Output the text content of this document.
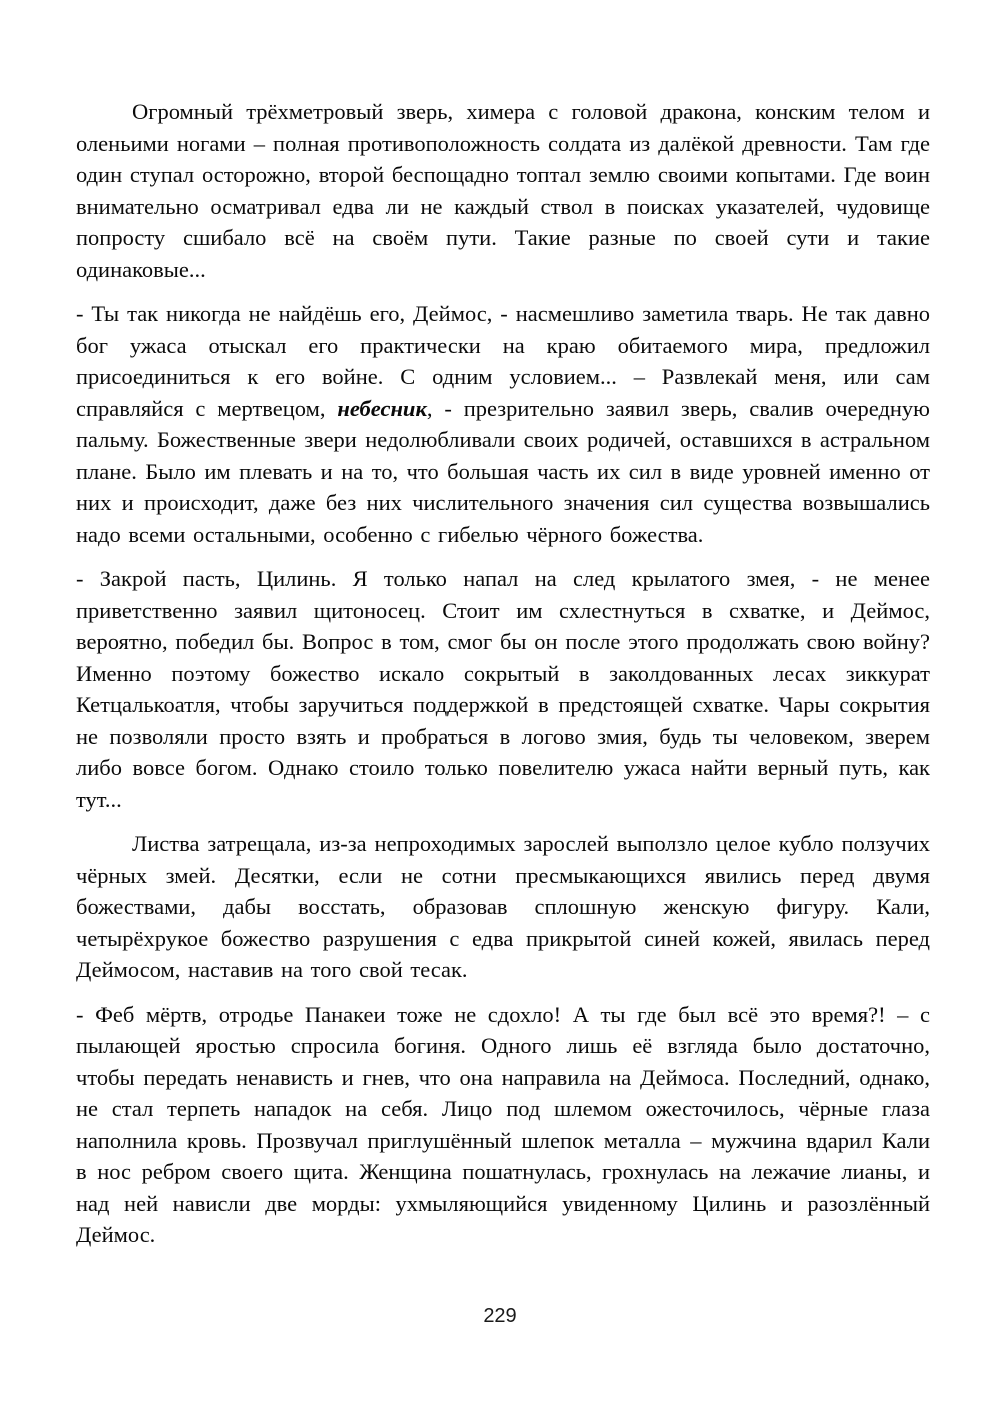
Огромный трёхметровый зверь, химера с головой дракона, конским телом и оленьими ногами – полная противоположность солдата из далёкой древности. Там где один ступал осторожно, второй беспощадно топтал землю своими копытами. Где воин внимательно осматривал едва ли не каждый ствол в поисках указателей, чудовище попросту сшибало всё на своём пути. Такие разные по своей сути и такие одинаковые...

- Ты так никогда не найдёшь его, Деймос, - насмешливо заметила тварь. Не так давно бог ужаса отыскал его практически на краю обитаемого мира, предложил присоединиться к его войне. С одним условием... – Развлекай меня, или сам справляйся с мертвецом, небесник, - презрительно заявил зверь, свалив очередную пальму. Божественные звери недолюбливали своих родичей, оставшихся в астральном плане. Было им плевать и на то, что большая часть их сил в виде уровней именно от них и происходит, даже без них числительного значения сил существа возвышались надо всеми остальными, особенно с гибелью чёрного божества.

- Закрой пасть, Цилинь. Я только напал на след крылатого змея, - не менее приветственно заявил щитоносец. Стоит им схлестнуться в схватке, и Деймос, вероятно, победил бы. Вопрос в том, смог бы он после этого продолжать свою войну? Именно поэтому божество искало сокрытый в заколдованных лесах зиккурат Кетцалькоатля, чтобы заручиться поддержкой в предстоящей схватке. Чары сокрытия не позволяли просто взять и пробраться в логово змия, будь ты человеком, зверем либо вовсе богом. Однако стоило только повелителю ужаса найти верный путь, как тут...

Листва затрещала, из-за непроходимых зарослей выползло целое кубло ползучих чёрных змей. Десятки, если не сотни пресмыкающихся явились перед двумя божествами, дабы восстать, образовав сплошную женскую фигуру. Кали, четырёхрукое божество разрушения с едва прикрытой синей кожей, явилась перед Деймосом, наставив на того свой тесак.

- Феб мёртв, отродье Панакеи тоже не сдохло! А ты где был всё это время?! – с пылающей яростью спросила богиня. Одного лишь её взгляда было достаточно, чтобы передать ненависть и гнев, что она направила на Деймоса. Последний, однако, не стал терпеть нападок на себя. Лицо под шлемом ожесточилось, чёрные глаза наполнила кровь. Прозвучал приглушённый шлепок металла – мужчина вдарил Кали в нос ребром своего щита. Женщина пошатнулась, грохнулась на лежачие лианы, и над ней нависли две морды: ухмыляющийся увиденному Цилинь и разозлённый Деймос.

229
